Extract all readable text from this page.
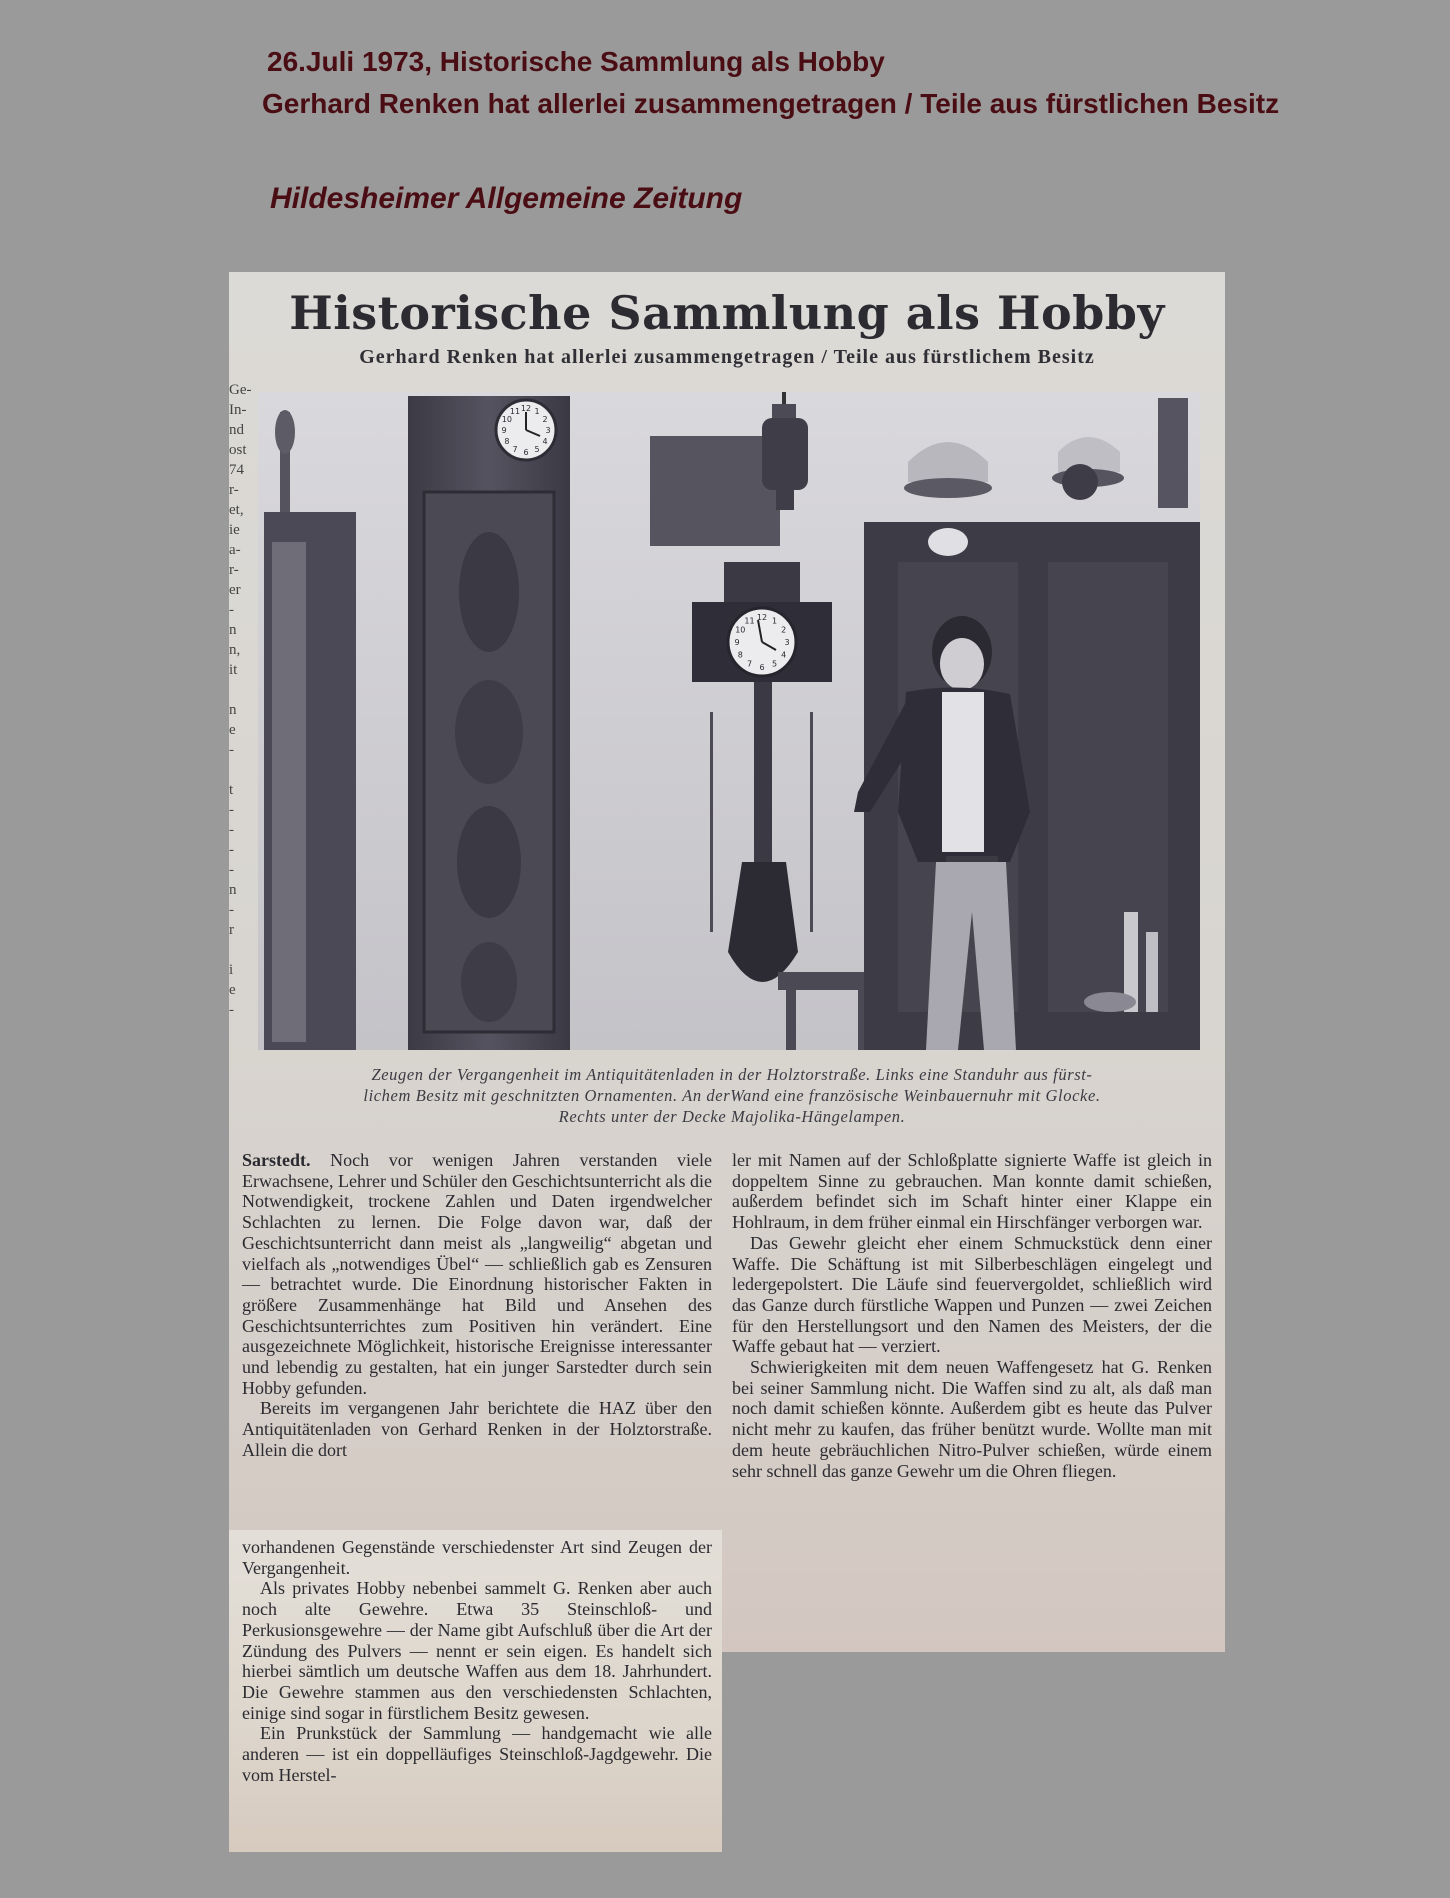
26.Juli 1973, Historische Sammlung als Hobby
Gerhard Renken hat allerlei zusammengetragen / Teile aus fürstlichen Besitz
Hildesheimer Allgemeine Zeitung
Historische Sammlung als Hobby
Gerhard Renken hat allerlei zusammengetragen / Teile aus fürstlichem Besitz
Ge-
In-
nd
ost
74
r-
et,
ie
a-
r-
er
-
n
n,
it

n
e
-

t
-
-
-
-
n
-
r

i
e
-
12 1
2
3
4
5
6
7
8
9
10
11
12 1
2
3
4
5
6
7
8
9
10
11
Zeugen der Vergangenheit im Antiquitätenladen in der Holztorstraße. Links eine Standuhr aus fürst-
lichem Besitz mit geschnitzten Ornamenten. An derWand eine französische Weinbauernuhr mit Glocke.
Rechts unter der Decke Majolika-Hängelampen.

Sarstedt. Noch vor wenigen Jahren verstanden viele Erwachsene, Lehrer und Schüler den Geschichtsunterricht als die Notwendigkeit, trockene Zahlen und Daten irgendwelcher Schlachten zu lernen. Die Folge davon war, daß der Geschichtsunterricht dann meist als „langweilig“ abgetan und vielfach als „notwendiges Übel“ — schließlich gab es Zensuren — betrachtet wurde. Die Einordnung historischer Fakten in größere Zusammenhänge hat Bild und Ansehen des Geschichtsunterrichtes zum Positiven hin verändert. Eine ausgezeichnete Möglichkeit, historische Ereignisse interessanter und lebendig zu gestalten, hat ein junger Sarstedter durch sein Hobby gefunden.

Bereits im vergangenen Jahr berichtete die HAZ über den Antiquitätenladen von Gerhard Renken in der Holztorstraße. Allein die dort

vorhandenen Gegenstände verschiedenster Art sind Zeugen der Vergangenheit.

Als privates Hobby nebenbei sammelt G. Renken aber auch noch alte Gewehre. Etwa 35 Steinschloß- und Perkusionsgewehre — der Name gibt Aufschluß über die Art der Zündung des Pulvers — nennt er sein eigen. Es handelt sich hierbei sämtlich um deutsche Waffen aus dem 18. Jahrhundert. Die Gewehre stammen aus den verschiedensten Schlachten, einige sind sogar in fürstlichem Besitz gewesen.

Ein Prunkstück der Sammlung — handgemacht wie alle anderen — ist ein doppelläufiges Steinschloß-Jagdgewehr. Die vom Herstel-

ler mit Namen auf der Schloßplatte signierte Waffe ist gleich in doppeltem Sinne zu gebrauchen. Man konnte damit schießen, außerdem befindet sich im Schaft hinter einer Klappe ein Hohlraum, in dem früher einmal ein Hirschfänger verborgen war.

Das Gewehr gleicht eher einem Schmuckstück denn einer Waffe. Die Schäftung ist mit Silberbeschlägen eingelegt und ledergepolstert. Die Läufe sind feuervergoldet, schließlich wird das Ganze durch fürstliche Wappen und Punzen — zwei Zeichen für den Herstellungsort und den Namen des Meisters, der die Waffe gebaut hat — verziert.

Schwierigkeiten mit dem neuen Waffengesetz hat G. Renken bei seiner Sammlung nicht. Die Waffen sind zu alt, als daß man noch damit schießen könnte. Außerdem gibt es heute das Pulver nicht mehr zu kaufen, das früher benützt wurde. Wollte man mit dem heute gebräuchlichen Nitro-Pulver schießen, würde einem sehr schnell das ganze Gewehr um die Ohren fliegen.
